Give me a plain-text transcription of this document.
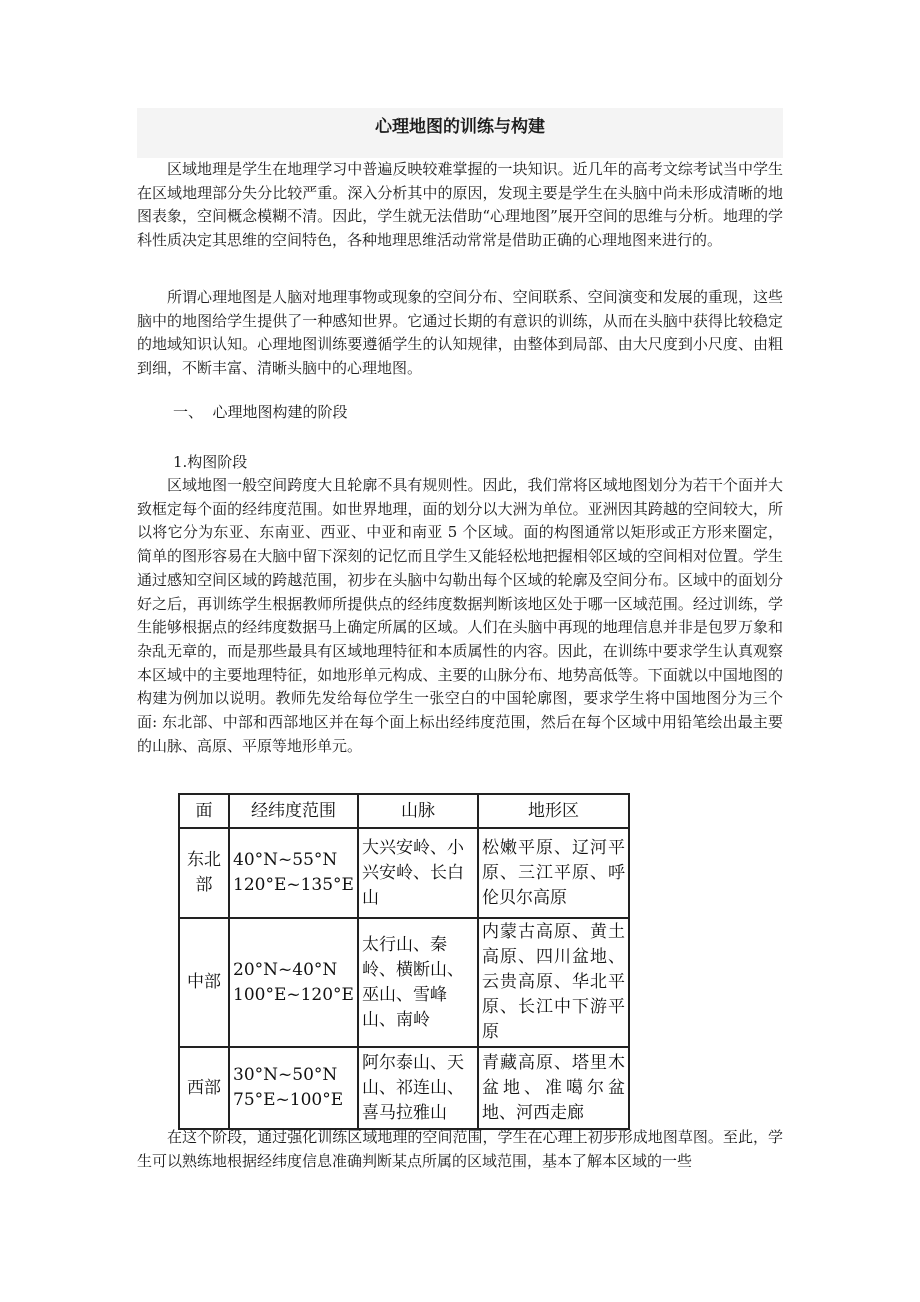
心理地图的训练与构建

区域地理是学生在地理学习中普遍反映较难掌握的一块知识。近几年的高考文综考试当中学生在区域地理部分失分比较严重。深入分析其中的原因，发现主要是学生在头脑中尚未形成清晰的地图表象，空间概念模糊不清。因此，学生就无法借助“心理地图”展开空间的思维与分析。地理的学科性质决定其思维的空间特色，各种地理思维活动常常是借助正确的心理地图来进行的。

所谓心理地图是人脑对地理事物或现象的空间分布、空间联系、空间演变和发展的重现，这些脑中的地图给学生提供了一种感知世界。它通过长期的有意识的训练，从而在头脑中获得比较稳定的地域知识认知。心理地图训练要遵循学生的认知规律，由整体到局部、由大尺度到小尺度、由粗到细，不断丰富、清晰头脑中的心理地图。

一、  心理地图构建的阶段
1.构图阶段

区域地图一般空间跨度大且轮廓不具有规则性。因此，我们常将区域地图划分为若干个面并大致框定每个面的经纬度范围。如世界地理，面的划分以大洲为单位。亚洲因其跨越的空间较大，所以将它分为东亚、东南亚、西亚、中亚和南亚 5 个区域。面的构图通常以矩形或正方形来圈定，简单的图形容易在大脑中留下深刻的记忆而且学生又能轻松地把握相邻区域的空间相对位置。学生通过感知空间区域的跨越范围，初步在头脑中勾勒出每个区域的轮廓及空间分布。区域中的面划分好之后，再训练学生根据教师所提供点的经纬度数据判断该地区处于哪一区域范围。经过训练，学生能够根据点的经纬度数据马上确定所属的区域。人们在头脑中再现的地理信息并非是包罗万象和杂乱无章的，而是那些最具有区域地理特征和本质属性的内容。因此，在训练中要求学生认真观察本区域中的主要地理特征，如地形单元构成、主要的山脉分布、地势高低等。下面就以中国地图的构建为例加以说明。教师先发给每位学生一张空白的中国轮廓图，要求学生将中国地图分为三个面: 东北部、中部和西部地区并在每个面上标出经纬度范围，然后在每个区域中用铅笔绘出最主要的山脉、高原、平原等地形单元。

面	经纬度范围	山脉	地形区
东北部	40°N~55°N
120°E~135°E	大兴安岭、小兴安岭、长白山	松嫩平原、辽河平原、三江平原、呼伦贝尔高原
中部	20°N~40°N
100°E~120°E	太行山、秦岭、横断山、巫山、雪峰山、南岭	内蒙古高原、黄土高原、四川盆地、云贵高原、华北平原、长江中下游平原
西部	30°N~50°N
75°E~100°E	阿尔泰山、天山、祁连山、喜马拉雅山	青藏高原、塔里木盆地、准噶尔盆地、河西走廊

在这个阶段，通过强化训练区域地理的空间范围，学生在心理上初步形成地图草图。至此，学生可以熟练地根据经纬度信息准确判断某点所属的区域范围，基本了解本区域的一些
